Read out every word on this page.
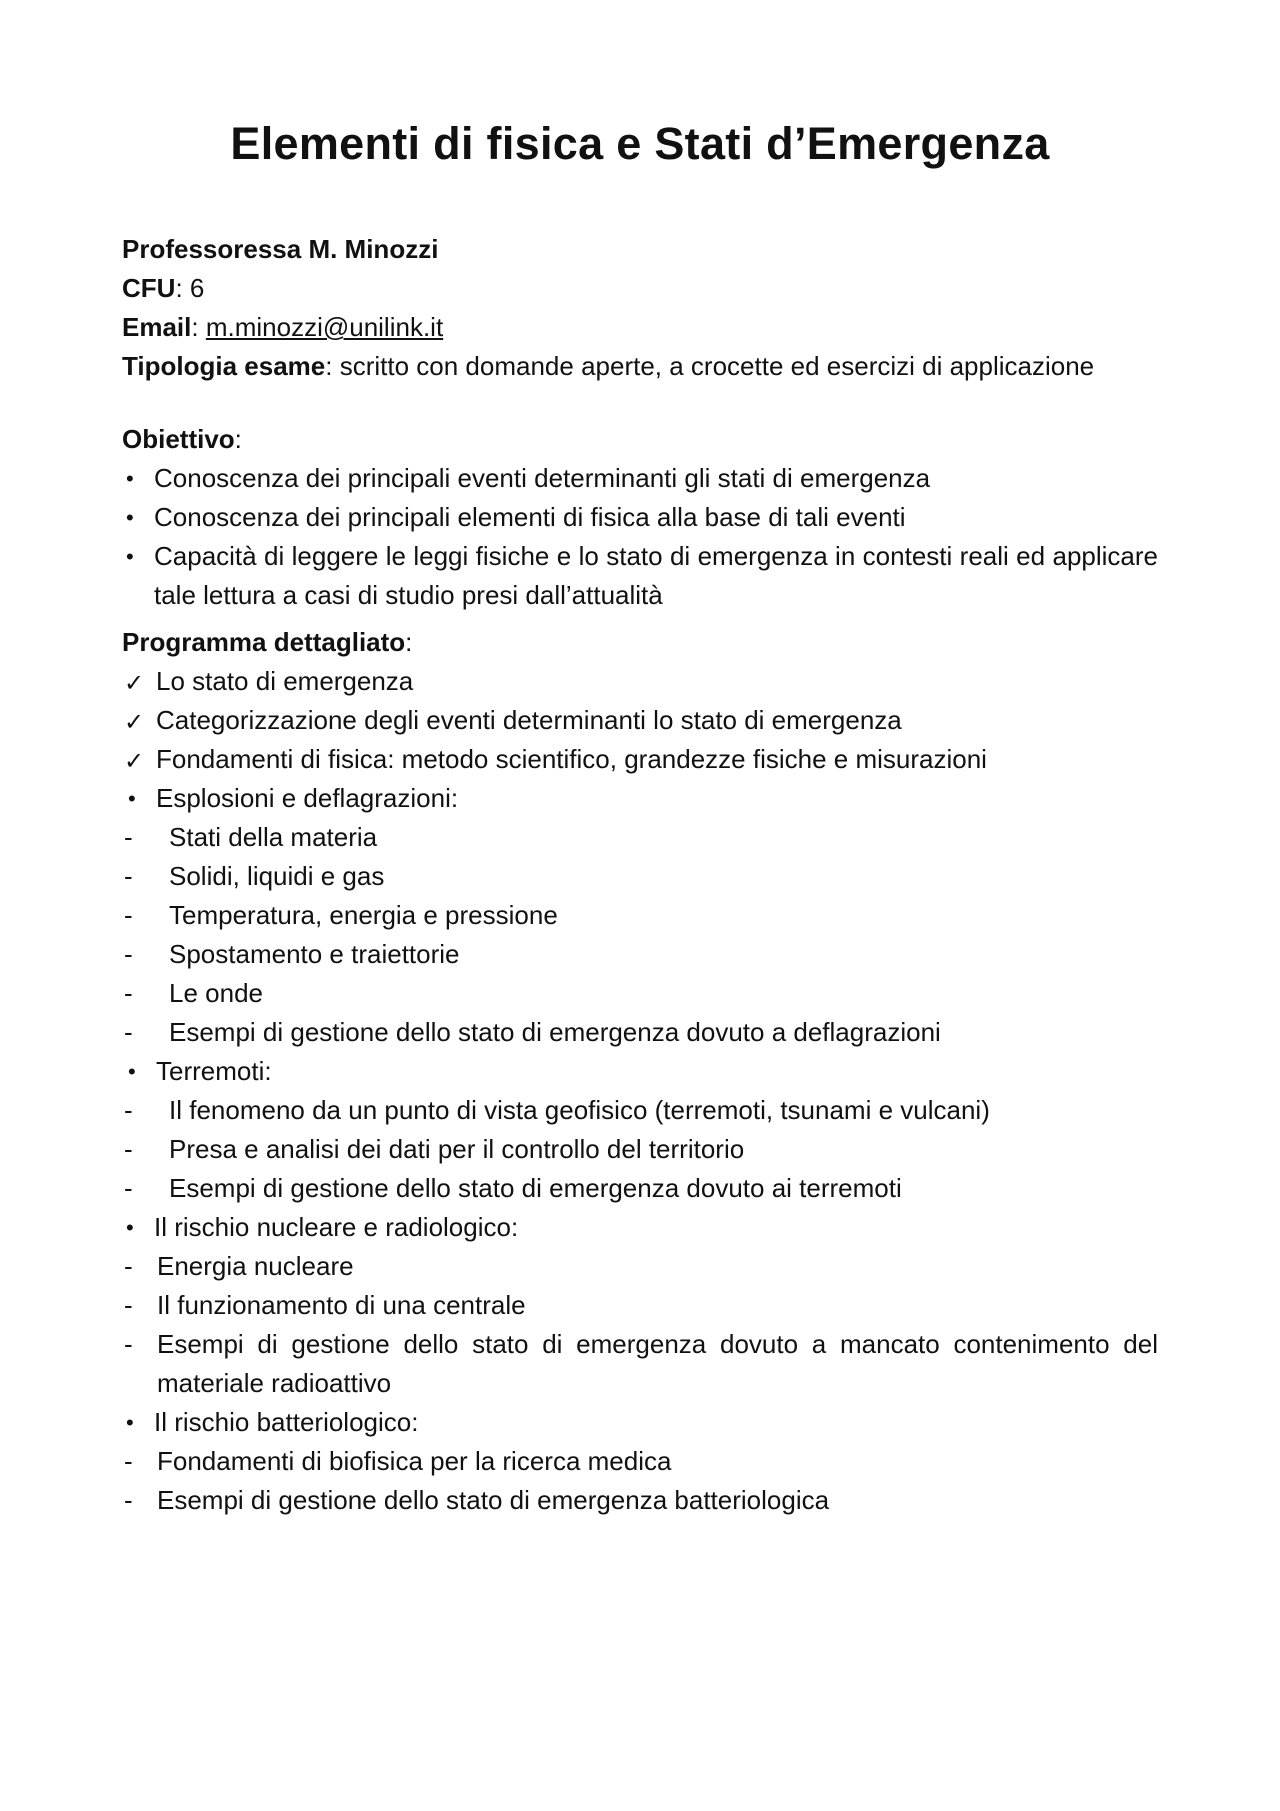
Elementi di fisica e Stati d’Emergenza
Professoressa M. Minozzi
CFU: 6
Email: m.minozzi@unilink.it
Tipologia esame: scritto con domande aperte, a crocette ed esercizi di applicazione
Obiettivo:
• Conoscenza dei principali eventi determinanti gli stati di emergenza
• Conoscenza dei principali elementi di fisica alla base di tali eventi
• Capacità di leggere le leggi fisiche e lo stato di emergenza in contesti reali ed applicare tale lettura a casi di studio presi dall’attualità
Programma dettagliato:
✓ Lo stato di emergenza
✓ Categorizzazione degli eventi determinanti lo stato di emergenza
✓ Fondamenti di fisica: metodo scientifico, grandezze fisiche e misurazioni
• Esplosioni e deflagrazioni:
- Stati della materia
- Solidi, liquidi e gas
- Temperatura, energia e pressione
- Spostamento e traiettorie
- Le onde
- Esempi di gestione dello stato di emergenza dovuto a deflagrazioni
• Terremoti:
- Il fenomeno da un punto di vista geofisico (terremoti, tsunami e vulcani)
- Presa e analisi dei dati per il controllo del territorio
- Esempi di gestione dello stato di emergenza dovuto ai terremoti
• Il rischio nucleare e radiologico:
- Energia nucleare
- Il funzionamento di una centrale
- Esempi di gestione dello stato di emergenza dovuto a mancato contenimento del materiale radioattivo
• Il rischio batteriologico:
- Fondamenti di biofisica per la ricerca medica
- Esempi di gestione dello stato di emergenza batteriologica
